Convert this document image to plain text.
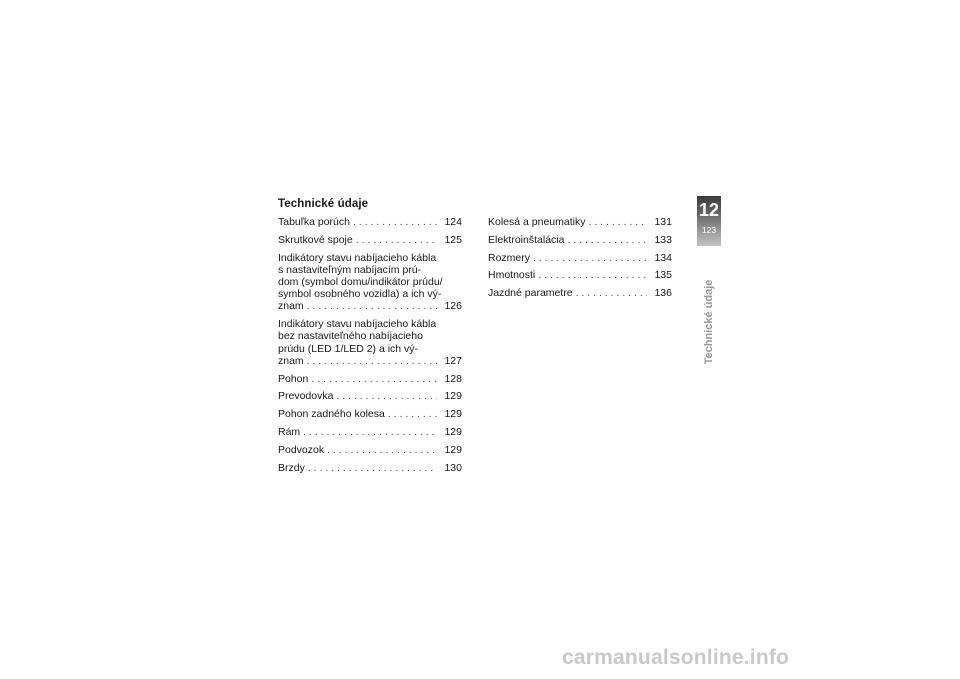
Technické údaje
Tabuľka porúch . . .	124
Skrutkové spoje . . .	125
Indikátory stavu nabíjacieho kábla
s nastaviteľným nabíjacím prú-
dom (symbol domu/indikátor prúdu/
symbol osobného vozidla) a ich vý-
znam . . .	126
Indikátory stavu nabíjacieho kábla
bez nastaviteľného nabíjacieho
prúdu (LED 1/LED 2) a ich vý-
znam . . .	127
Pohon . . .	128
Prevodovka . . .	129
Pohon zadného kolesa . . .	129
Rám . . .	129
Podvozok . . .	129
Brzdy . . .	130
Kolesá a pneumatiky . . .	131
Elektroinštalácia . . .	133
Rozmery . . .	134
Hmotnosti . . .	135
Jazdné parametre . . .	136
12
123
Technické údaje
carmanualsonline.info
